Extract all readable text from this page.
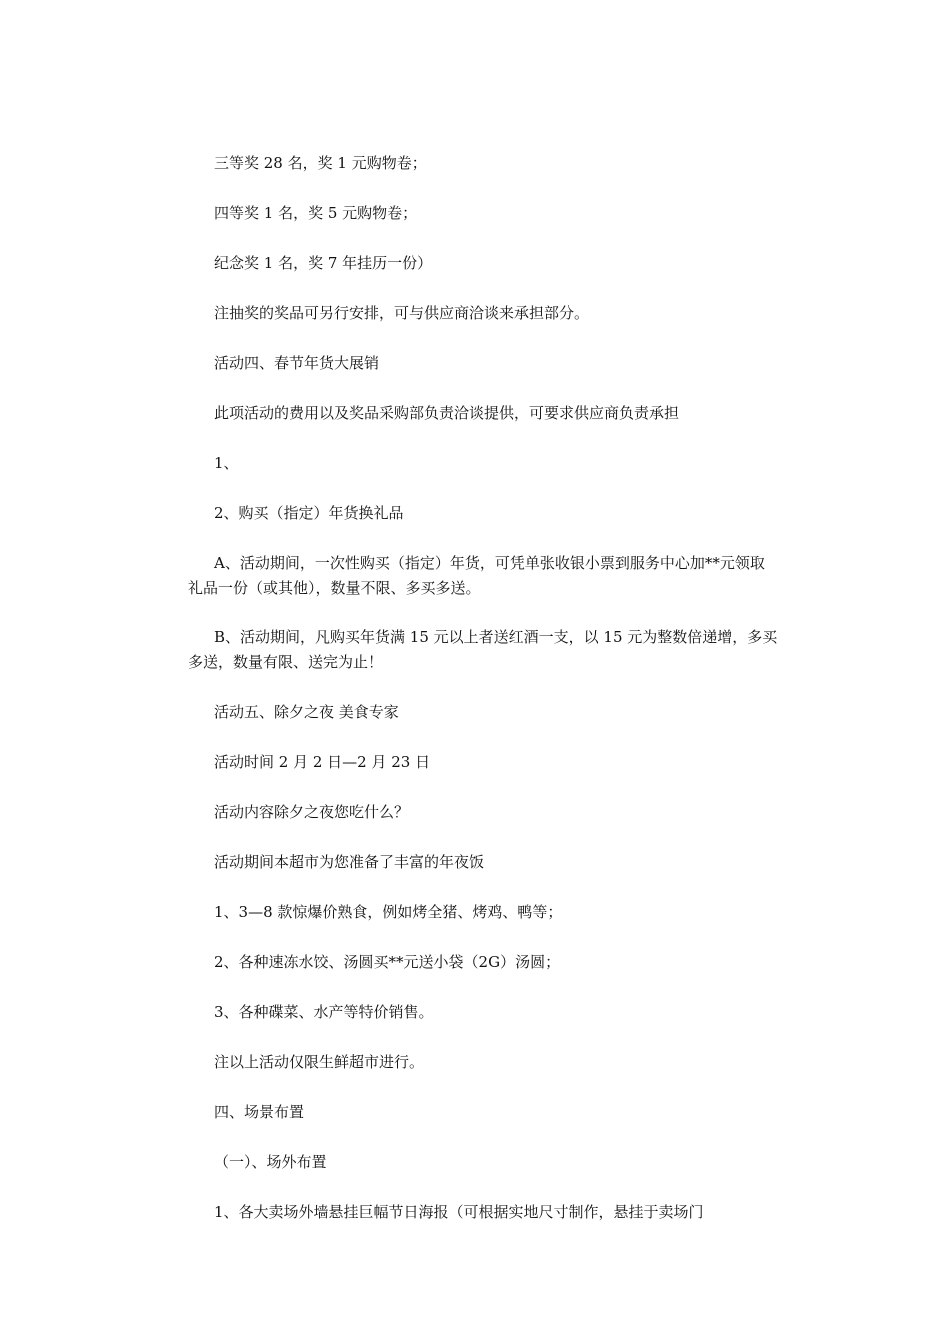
三等奖 28 名，奖 1 元购物卷；

四等奖 1 名，奖 5 元购物卷；

纪念奖 1 名，奖 7 年挂历一份）

注抽奖的奖品可另行安排，可与供应商洽谈来承担部分。

活动四、春节年货大展销

此项活动的费用以及奖品采购部负责洽谈提供，可要求供应商负责承担

1、

2、购买（指定）年货换礼品

A、活动期间，一次性购买（指定）年货，可凭单张收银小票到服务中心加**元领取礼品一份（或其他），数量不限、多买多送。

B、活动期间，凡购买年货满 15 元以上者送红酒一支，以 15 元为整数倍递增，多买多送，数量有限、送完为止！

活动五、除夕之夜 美食专家

活动时间 2 月 2 日—2 月 23 日

活动内容除夕之夜您吃什么？

活动期间本超市为您准备了丰富的年夜饭

1、3—8 款惊爆价熟食，例如烤全猪、烤鸡、鸭等；

2、各种速冻水饺、汤圆买**元送小袋（2G）汤圆；

3、各种碟菜、水产等特价销售。

注以上活动仅限生鲜超市进行。

四、场景布置

（一）、场外布置

1、各大卖场外墙悬挂巨幅节日海报（可根据实地尺寸制作，悬挂于卖场门
